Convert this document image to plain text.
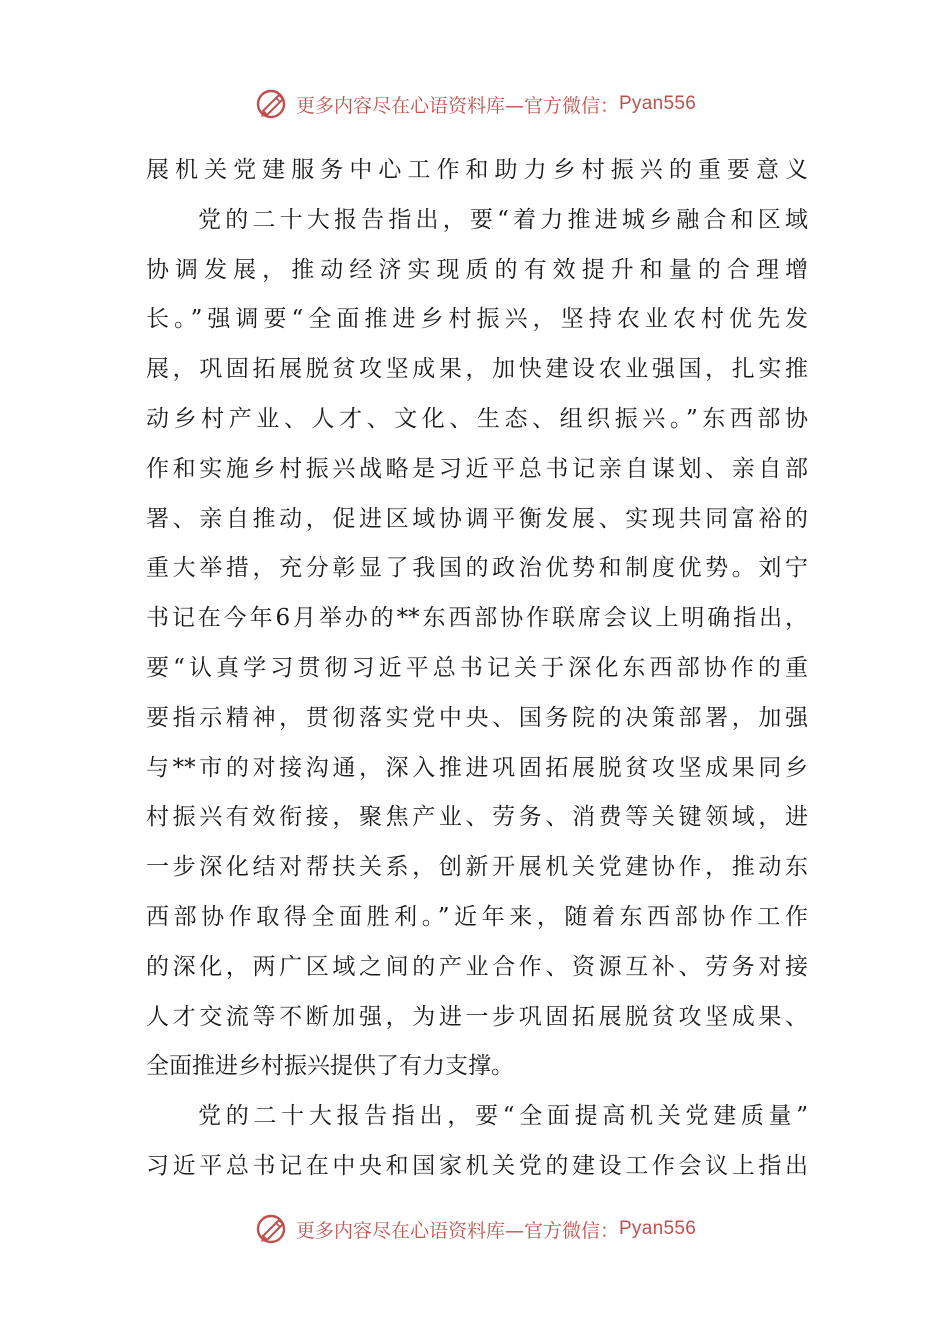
更多内容尽在心语资料库—官方微信： Pyan556
展机关党建服务中心工作和助力乡村振兴的重要意义
党的二十大报告指出，要“着力推进城乡融合和区域
协调发展，推动经济实现质的有效提升和量的合理增
长。”强调要“全面推进乡村振兴，坚持农业农村优先发
展，巩固拓展脱贫攻坚成果，加快建设农业强国，扎实推
动乡村产业、人才、文化、生态、组织振兴。”东西部协
作和实施乡村振兴战略是习近平总书记亲自谋划、亲自部
署、亲自推动，促进区域协调平衡发展、实现共同富裕的
重大举措，充分彰显了我国的政治优势和制度优势。刘宁
书记在今年6月举办的**东西部协作联席会议上明确指出，
要“认真学习贯彻习近平总书记关于深化东西部协作的重
要指示精神，贯彻落实党中央、国务院的决策部署，加强
与**市的对接沟通，深入推进巩固拓展脱贫攻坚成果同乡
村振兴有效衔接，聚焦产业、劳务、消费等关键领域，进
一步深化结对帮扶关系，创新开展机关党建协作，推动东
西部协作取得全面胜利。”近年来，随着东西部协作工作
的深化，两广区域之间的产业合作、资源互补、劳务对接
人才交流等不断加强，为进一步巩固拓展脱贫攻坚成果、
全面推进乡村振兴提供了有力支撑。
党的二十大报告指出，要“全面提高机关党建质量”
习近平总书记在中央和国家机关党的建设工作会议上指出
更多内容尽在心语资料库—官方微信： Pyan556
